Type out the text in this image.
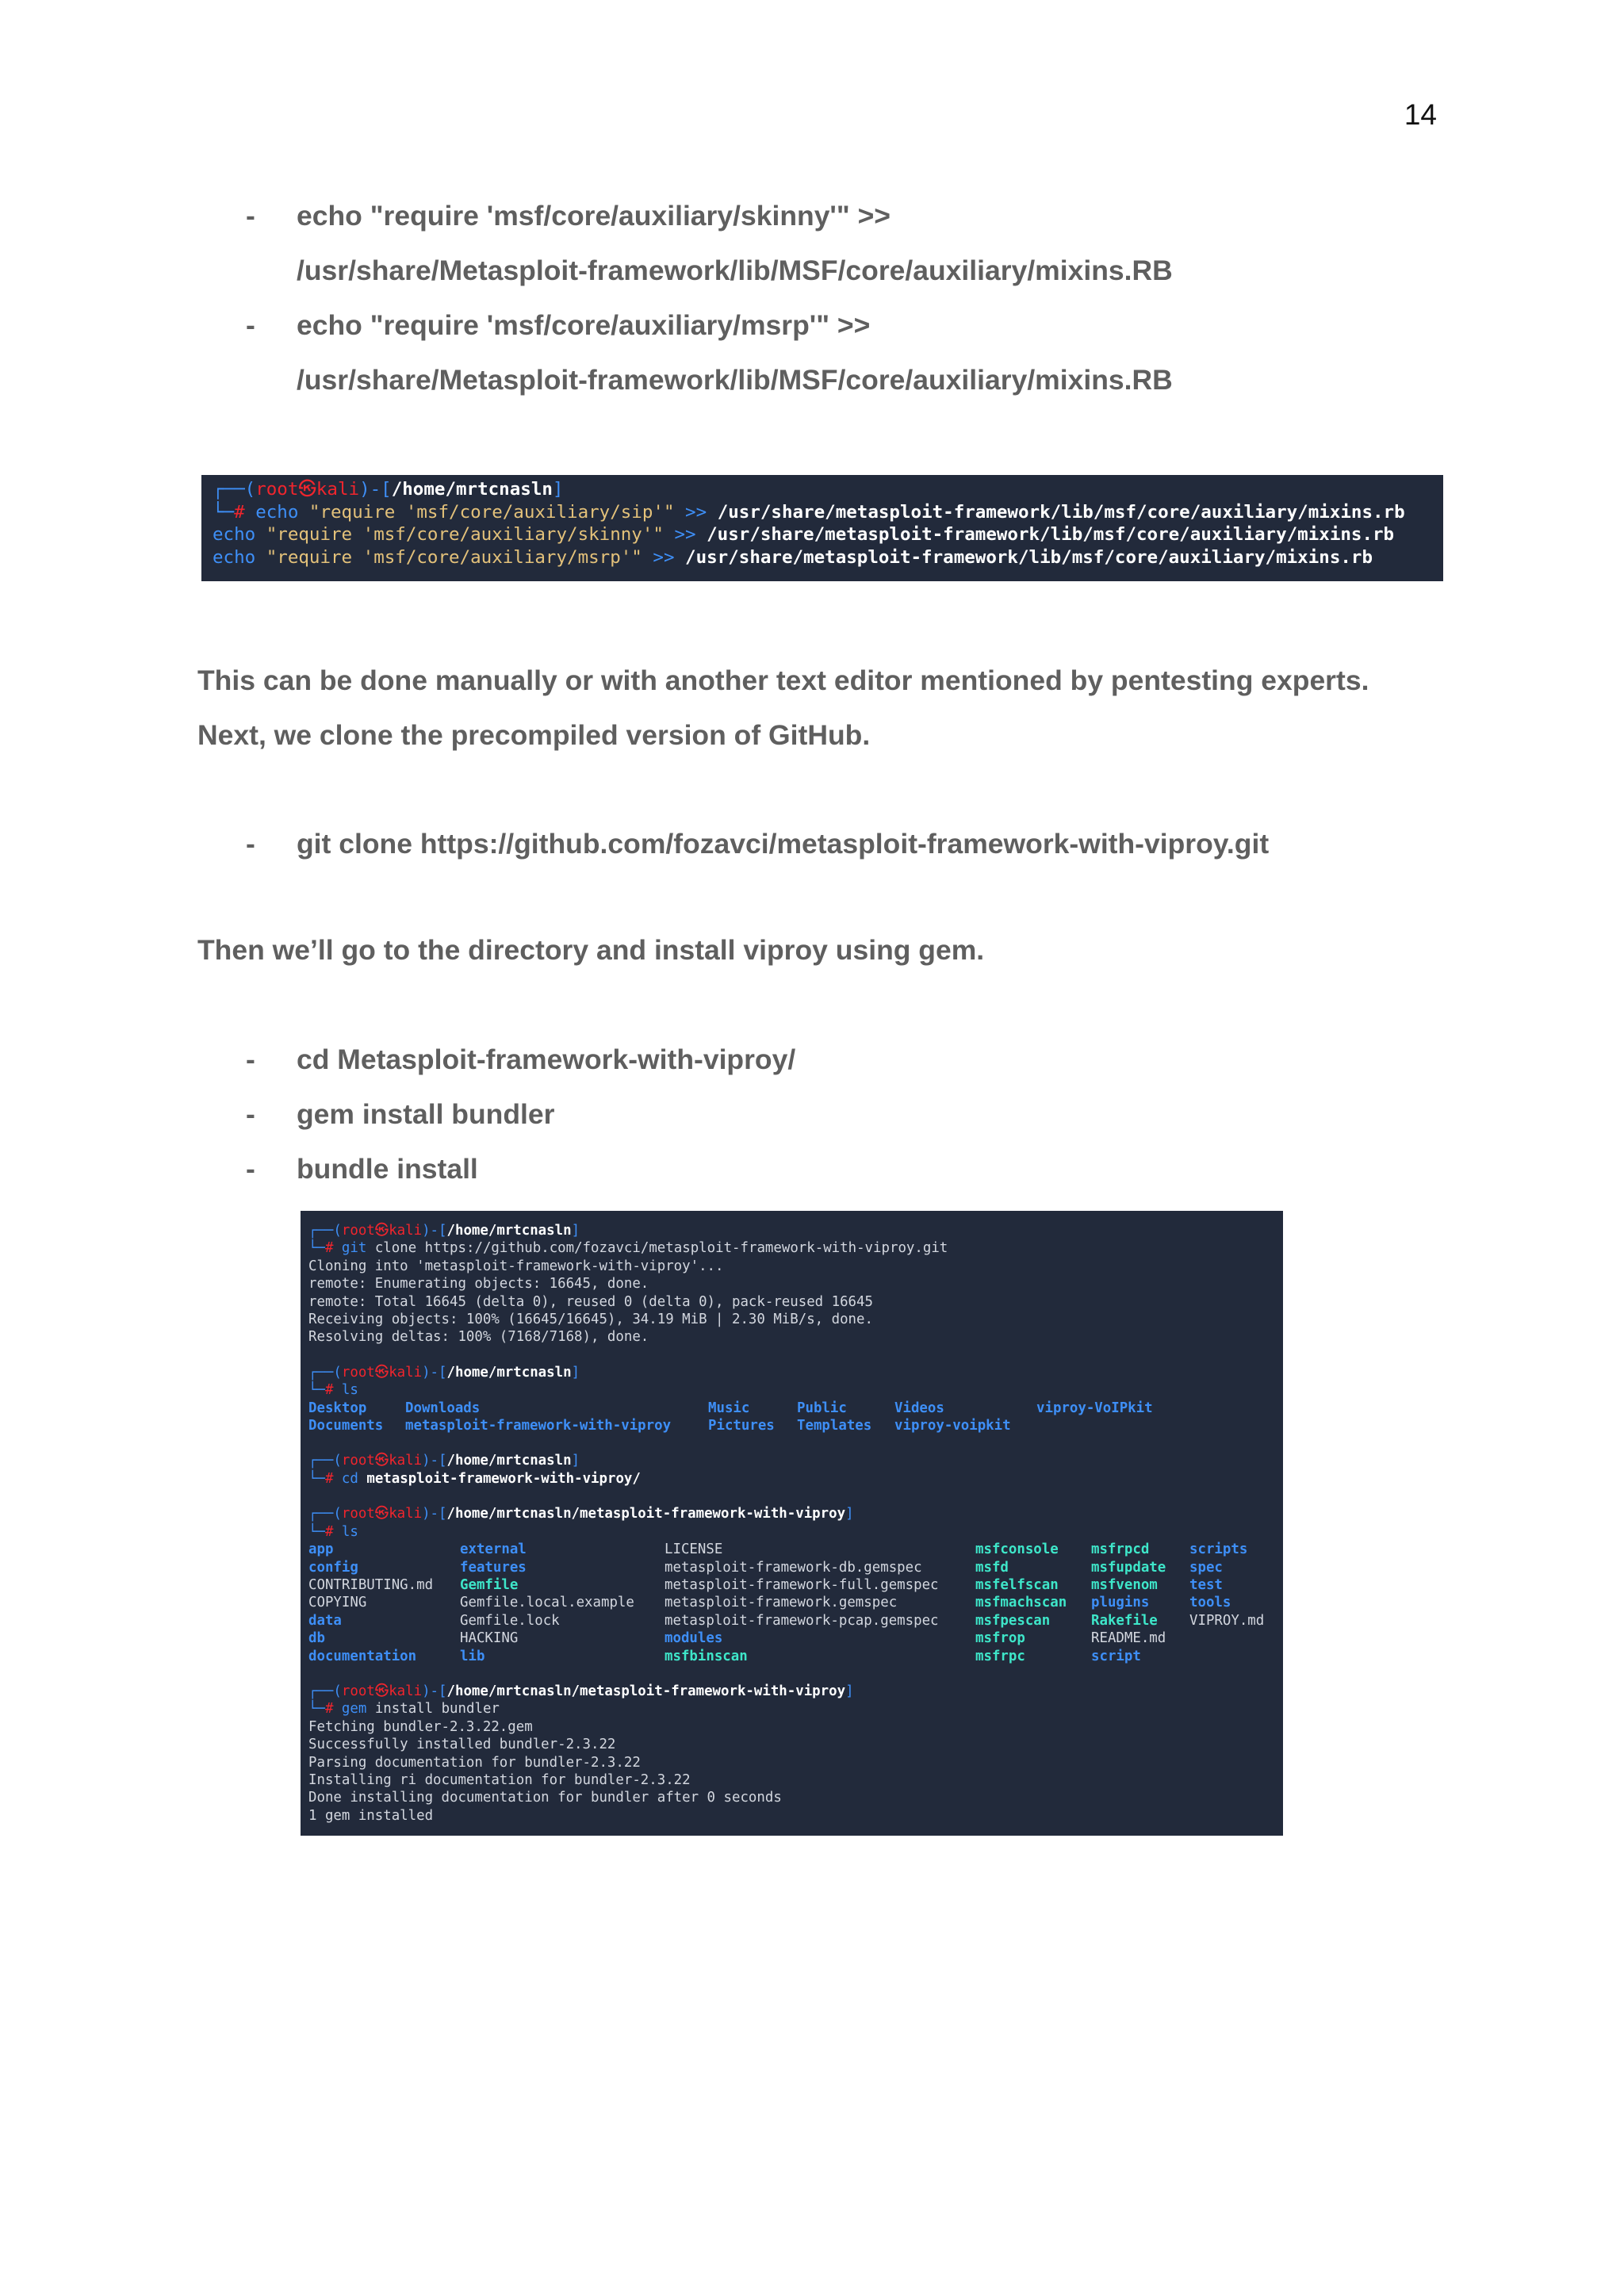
14
- echo "require 'msf/core/auxiliary/skinny'" >>
/usr/share/Metasploit-framework/lib/MSF/core/auxiliary/mixins.RB
- echo "require 'msf/core/auxiliary/msrp'" >>
/usr/share/Metasploit-framework/lib/MSF/core/auxiliary/mixins.RB
┌──(root㉿kali)-[/home/mrtcnasln]
└─# echo "require 'msf/core/auxiliary/sip'" >> /usr/share/metasploit-framework/lib/msf/core/auxiliary/mixins.rb
echo "require 'msf/core/auxiliary/skinny'" >> /usr/share/metasploit-framework/lib/msf/core/auxiliary/mixins.rb
echo "require 'msf/core/auxiliary/msrp'" >> /usr/share/metasploit-framework/lib/msf/core/auxiliary/mixins.rb

This can be done manually or with another text editor mentioned by pentesting experts.
Next, we clone the precompiled version of GitHub.

- git clone https://github.com/fozavci/metasploit-framework-with-viproy.git

Then we’ll go to the directory and install viproy using gem.

- cd Metasploit-framework-with-viproy/
- gem install bundler
- bundle install
┌──(root㉿kali)-[/home/mrtcnasln]
└─# git clone https://github.com/fozavci/metasploit-framework-with-viproy.git
Cloning into 'metasploit-framework-with-viproy'...
remote: Enumerating objects: 16645, done.
remote: Total 16645 (delta 0), reused 0 (delta 0), pack-reused 16645
Receiving objects: 100% (16645/16645), 34.19 MiB | 2.30 MiB/s, done.
Resolving deltas: 100% (7168/7168), done.
┌──(root㉿kali)-[/home/mrtcnasln]
└─# ls
Desktop	Downloads	Music	Public	Videos	viproy-VoIPkit
Documents	metasploit-framework-with-viproy	Pictures	Templates	viproy-voipkit
┌──(root㉿kali)-[/home/mrtcnasln]
└─# cd metasploit-framework-with-viproy/
┌──(root㉿kali)-[/home/mrtcnasln/metasploit-framework-with-viproy]
└─# ls
app	external	LICENSE	msfconsole	msfrpcd	scripts
config	features	metasploit-framework-db.gemspec	msfd	msfupdate	spec
CONTRIBUTING.md	Gemfile	metasploit-framework-full.gemspec	msfelfscan	msfvenom	test
COPYING	Gemfile.local.example	metasploit-framework.gemspec	msfmachscan	plugins	tools
data	Gemfile.lock	metasploit-framework-pcap.gemspec	msfpescan	Rakefile	VIPROY.md
db	HACKING	modules	msfrop	README.md
documentation	lib	msfbinscan	msfrpc	script
┌──(root㉿kali)-[/home/mrtcnasln/metasploit-framework-with-viproy]
└─# gem install bundler
Fetching bundler-2.3.22.gem
Successfully installed bundler-2.3.22
Parsing documentation for bundler-2.3.22
Installing ri documentation for bundler-2.3.22
Done installing documentation for bundler after 0 seconds
1 gem installed
